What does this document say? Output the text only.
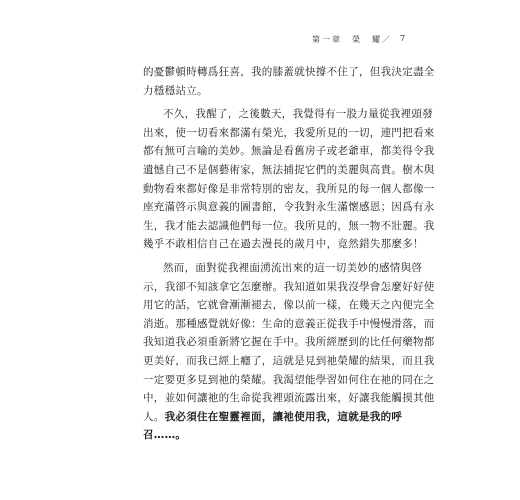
第一章　榮　耀／ 7
的憂鬱頓時轉爲狂喜，我的膝蓋就快撐不住了，但我決定盡全
力穩穩站立。
不久，我醒了，之後數天，我覺得有一股力量從我裡頭發
出來，使一切看來都滿有榮光，我愛所見的一切，連門把看來
都有無可言喻的美妙。無論是看舊房子或老爺車，都美得令我
遺憾自己不是個藝術家，無法捕捉它們的美麗與高貴。樹木與
動物看來都好像是非常特別的密友，我所見的每一個人都像一
座充滿啓示與意義的圖書館，令我對永生滿懷感恩；因爲有永
生，我才能去認識他們每一位。我所見的，無一物不壯麗。我
幾乎不敢相信自己在過去漫長的歲月中，竟然錯失那麼多！
然而，面對從我裡面湧流出來的這一切美妙的感情與啓
示，我卻不知該拿它怎麼辦。我知道如果我沒學會怎麼好好使
用它的話，它就會漸漸褪去，像以前一樣，在幾天之內便完全
消逝。那種感覺就好像：生命的意義正從我手中慢慢滑落，而
我知道我必須重新將它握在手中。我所經歷到的比任何藥物都
更美好，而我已經上癮了，這就是見到祂榮耀的結果，而且我
一定要更多見到祂的榮耀。我渴望能學習如何住在祂的同在之
中，並如何讓祂的生命從我裡頭流露出來，好讓我能觸摸其他
人。我必須住在聖靈裡面，讓祂使用我，這就是我的呼
召……。
